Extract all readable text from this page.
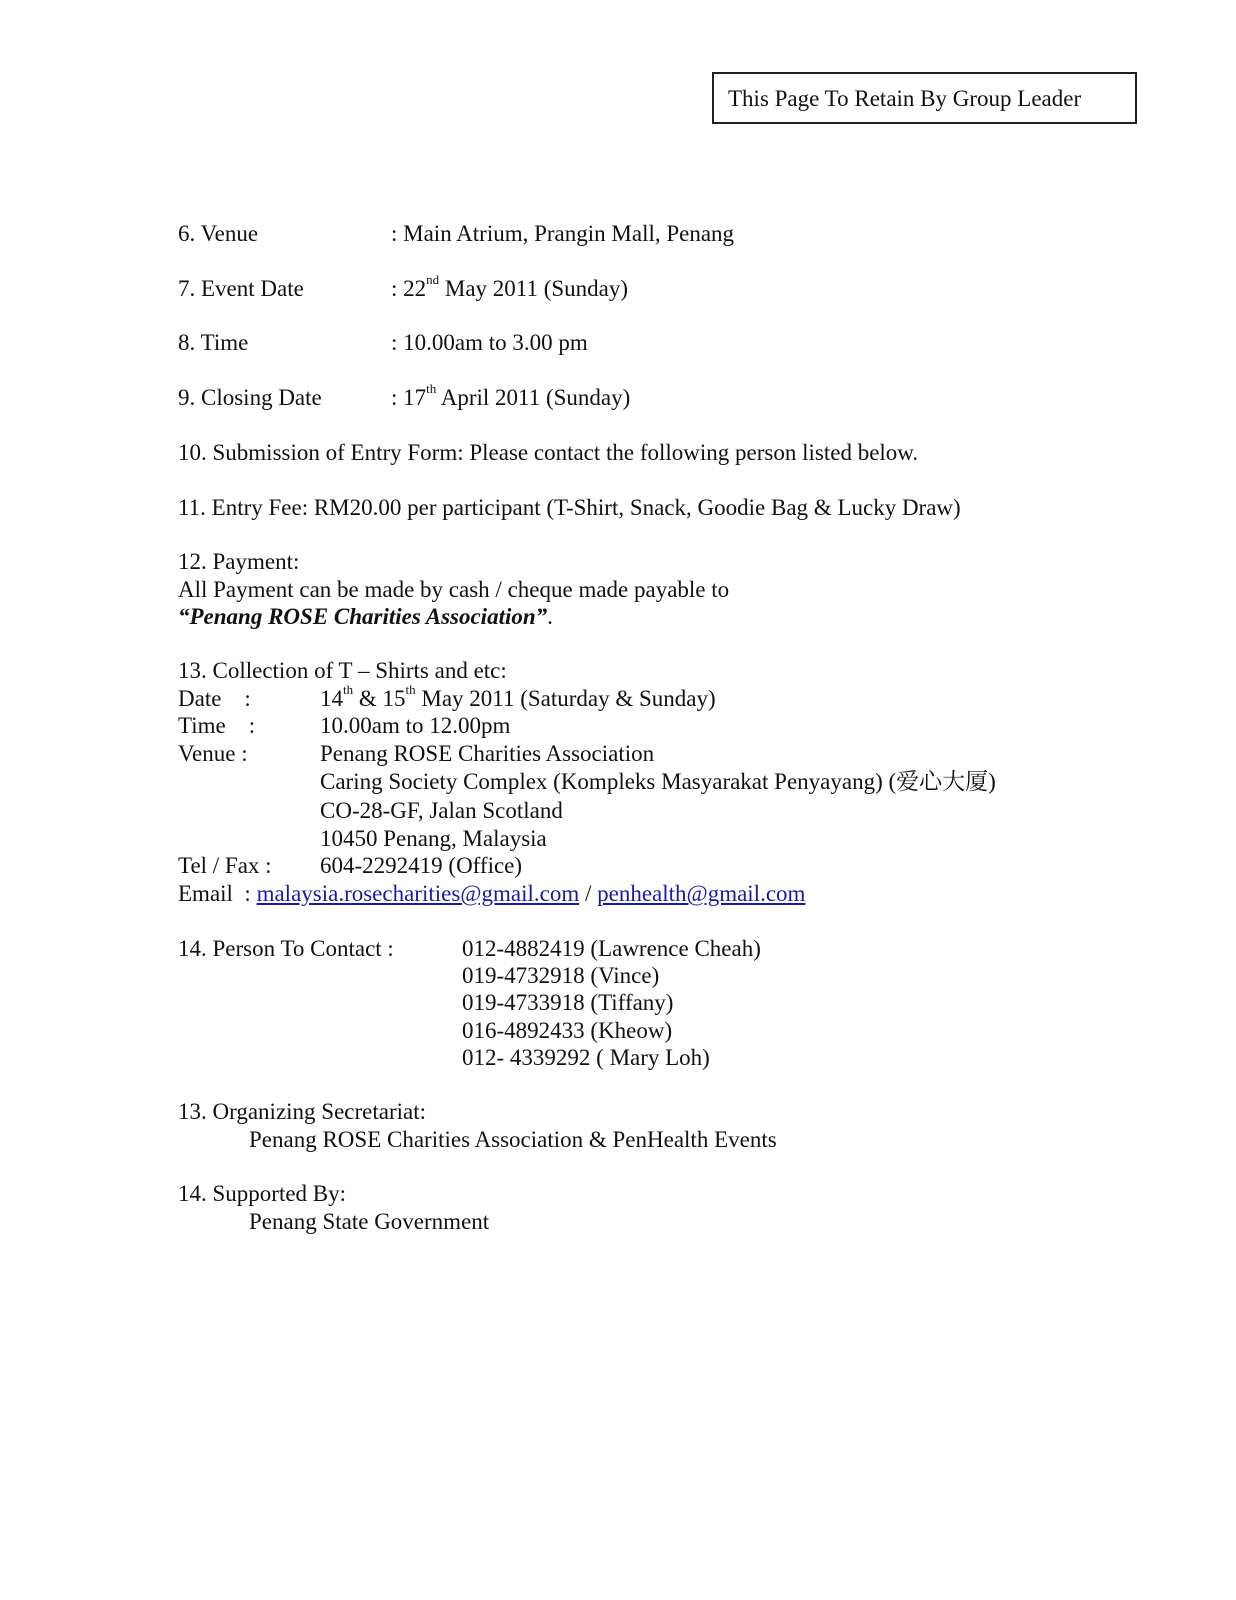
This Page To Retain By Group Leader
6. Venue	: Main Atrium, Prangin Mall, Penang
7. Event Date	: 22nd May 2011 (Sunday)
8. Time	: 10.00am to 3.00 pm
9. Closing Date	: 17th April 2011 (Sunday)
10. Submission of Entry Form: Please contact the following person listed below.
11. Entry Fee: RM20.00 per participant (T-Shirt, Snack, Goodie Bag & Lucky Draw)
12. Payment:
All Payment can be made by cash / cheque made payable to
“Penang ROSE Charities Association”.
13. Collection of T – Shirts and etc:
Date    :	14th & 15th May 2011 (Saturday & Sunday)
Time    :	10.00am to 12.00pm
Venue :	Penang ROSE Charities Association
Caring Society Complex (Kompleks Masyarakat Penyayang) (爱心大厦)
CO-28-GF, Jalan Scotland
10450 Penang, Malaysia
Tel / Fax : 604-2292419 (Office)
Email  : malaysia.rosecharities@gmail.com / penhealth@gmail.com
14. Person To Contact :	012-4882419 (Lawrence Cheah)
019-4732918 (Vince)
019-4733918 (Tiffany)
016-4892433 (Kheow)
012- 4339292 ( Mary Loh)
13. Organizing Secretariat:
Penang ROSE Charities Association & PenHealth Events
14. Supported By:
Penang State Government
